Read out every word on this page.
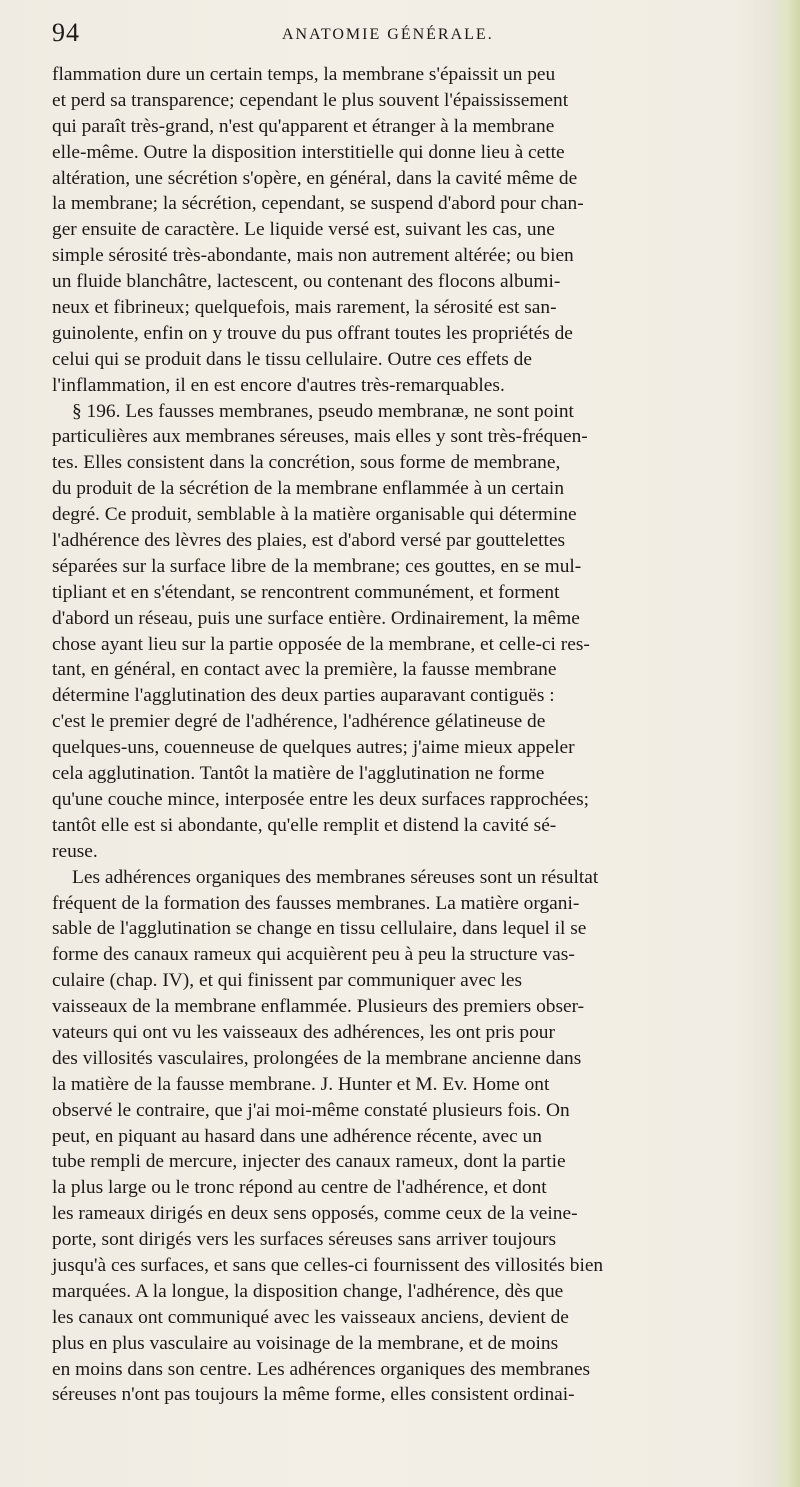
94	ANATOMIE GÉNÉRALE.
flammation dure un certain temps, la membrane s'épaissit un peu
et perd sa transparence; cependant le plus souvent l'épaississement
qui paraît très-grand, n'est qu'apparent et étranger à la membrane
elle-même. Outre la disposition interstitielle qui donne lieu à cette
altération, une sécrétion s'opère, en général, dans la cavité même de
la membrane; la sécrétion, cependant, se suspend d'abord pour chan-
ger ensuite de caractère. Le liquide versé est, suivant les cas, une
simple sérosité très-abondante, mais non autrement altérée; ou bien
un fluide blanchâtre, lactescent, ou contenant des flocons albumi-
neux et fibrineux; quelquefois, mais rarement, la sérosité est san-
guinolente, enfin on y trouve du pus offrant toutes les propriétés de
celui qui se produit dans le tissu cellulaire. Outre ces effets de
l'inflammation, il en est encore d'autres très-remarquables.
§ 196. Les fausses membranes, pseudo membranæ, ne sont point
particulières aux membranes séreuses, mais elles y sont très-fréquen-
tes. Elles consistent dans la concrétion, sous forme de membrane,
du produit de la sécrétion de la membrane enflammée à un certain
degré. Ce produit, semblable à la matière organisable qui détermine
l'adhérence des lèvres des plaies, est d'abord versé par gouttelettes
séparées sur la surface libre de la membrane; ces gouttes, en se mul-
tipliant et en s'étendant, se rencontrent communément, et forment
d'abord un réseau, puis une surface entière. Ordinairement, la même
chose ayant lieu sur la partie opposée de la membrane, et celle-ci res-
tant, en général, en contact avec la première, la fausse membrane
détermine l'agglutination des deux parties auparavant contiguës :
c'est le premier degré de l'adhérence, l'adhérence gélatineuse de
quelques-uns, couenneuse de quelques autres; j'aime mieux appeler
cela agglutination. Tantôt la matière de l'agglutination ne forme
qu'une couche mince, interposée entre les deux surfaces rapprochées;
tantôt elle est si abondante, qu'elle remplit et distend la cavité sé-
reuse.
Les adhérences organiques des membranes séreuses sont un résultat
fréquent de la formation des fausses membranes. La matière organi-
sable de l'agglutination se change en tissu cellulaire, dans lequel il se
forme des canaux rameux qui acquièrent peu à peu la structure vas-
culaire (chap. IV), et qui finissent par communiquer avec les
vaisseaux de la membrane enflammée. Plusieurs des premiers obser-
vateurs qui ont vu les vaisseaux des adhérences, les ont pris pour
des villosités vasculaires, prolongées de la membrane ancienne dans
la matière de la fausse membrane. J. Hunter et M. Ev. Home ont
observé le contraire, que j'ai moi-même constaté plusieurs fois. On
peut, en piquant au hasard dans une adhérence récente, avec un
tube rempli de mercure, injecter des canaux rameux, dont la partie
la plus large ou le tronc répond au centre de l'adhérence, et dont
les rameaux dirigés en deux sens opposés, comme ceux de la veine-
porte, sont dirigés vers les surfaces séreuses sans arriver toujours
jusqu'à ces surfaces, et sans que celles-ci fournissent des villosités bien
marquées. A la longue, la disposition change, l'adhérence, dès que
les canaux ont communiqué avec les vaisseaux anciens, devient de
plus en plus vasculaire au voisinage de la membrane, et de moins
en moins dans son centre. Les adhérences organiques des membranes
séreuses n'ont pas toujours la même forme, elles consistent ordinai-
